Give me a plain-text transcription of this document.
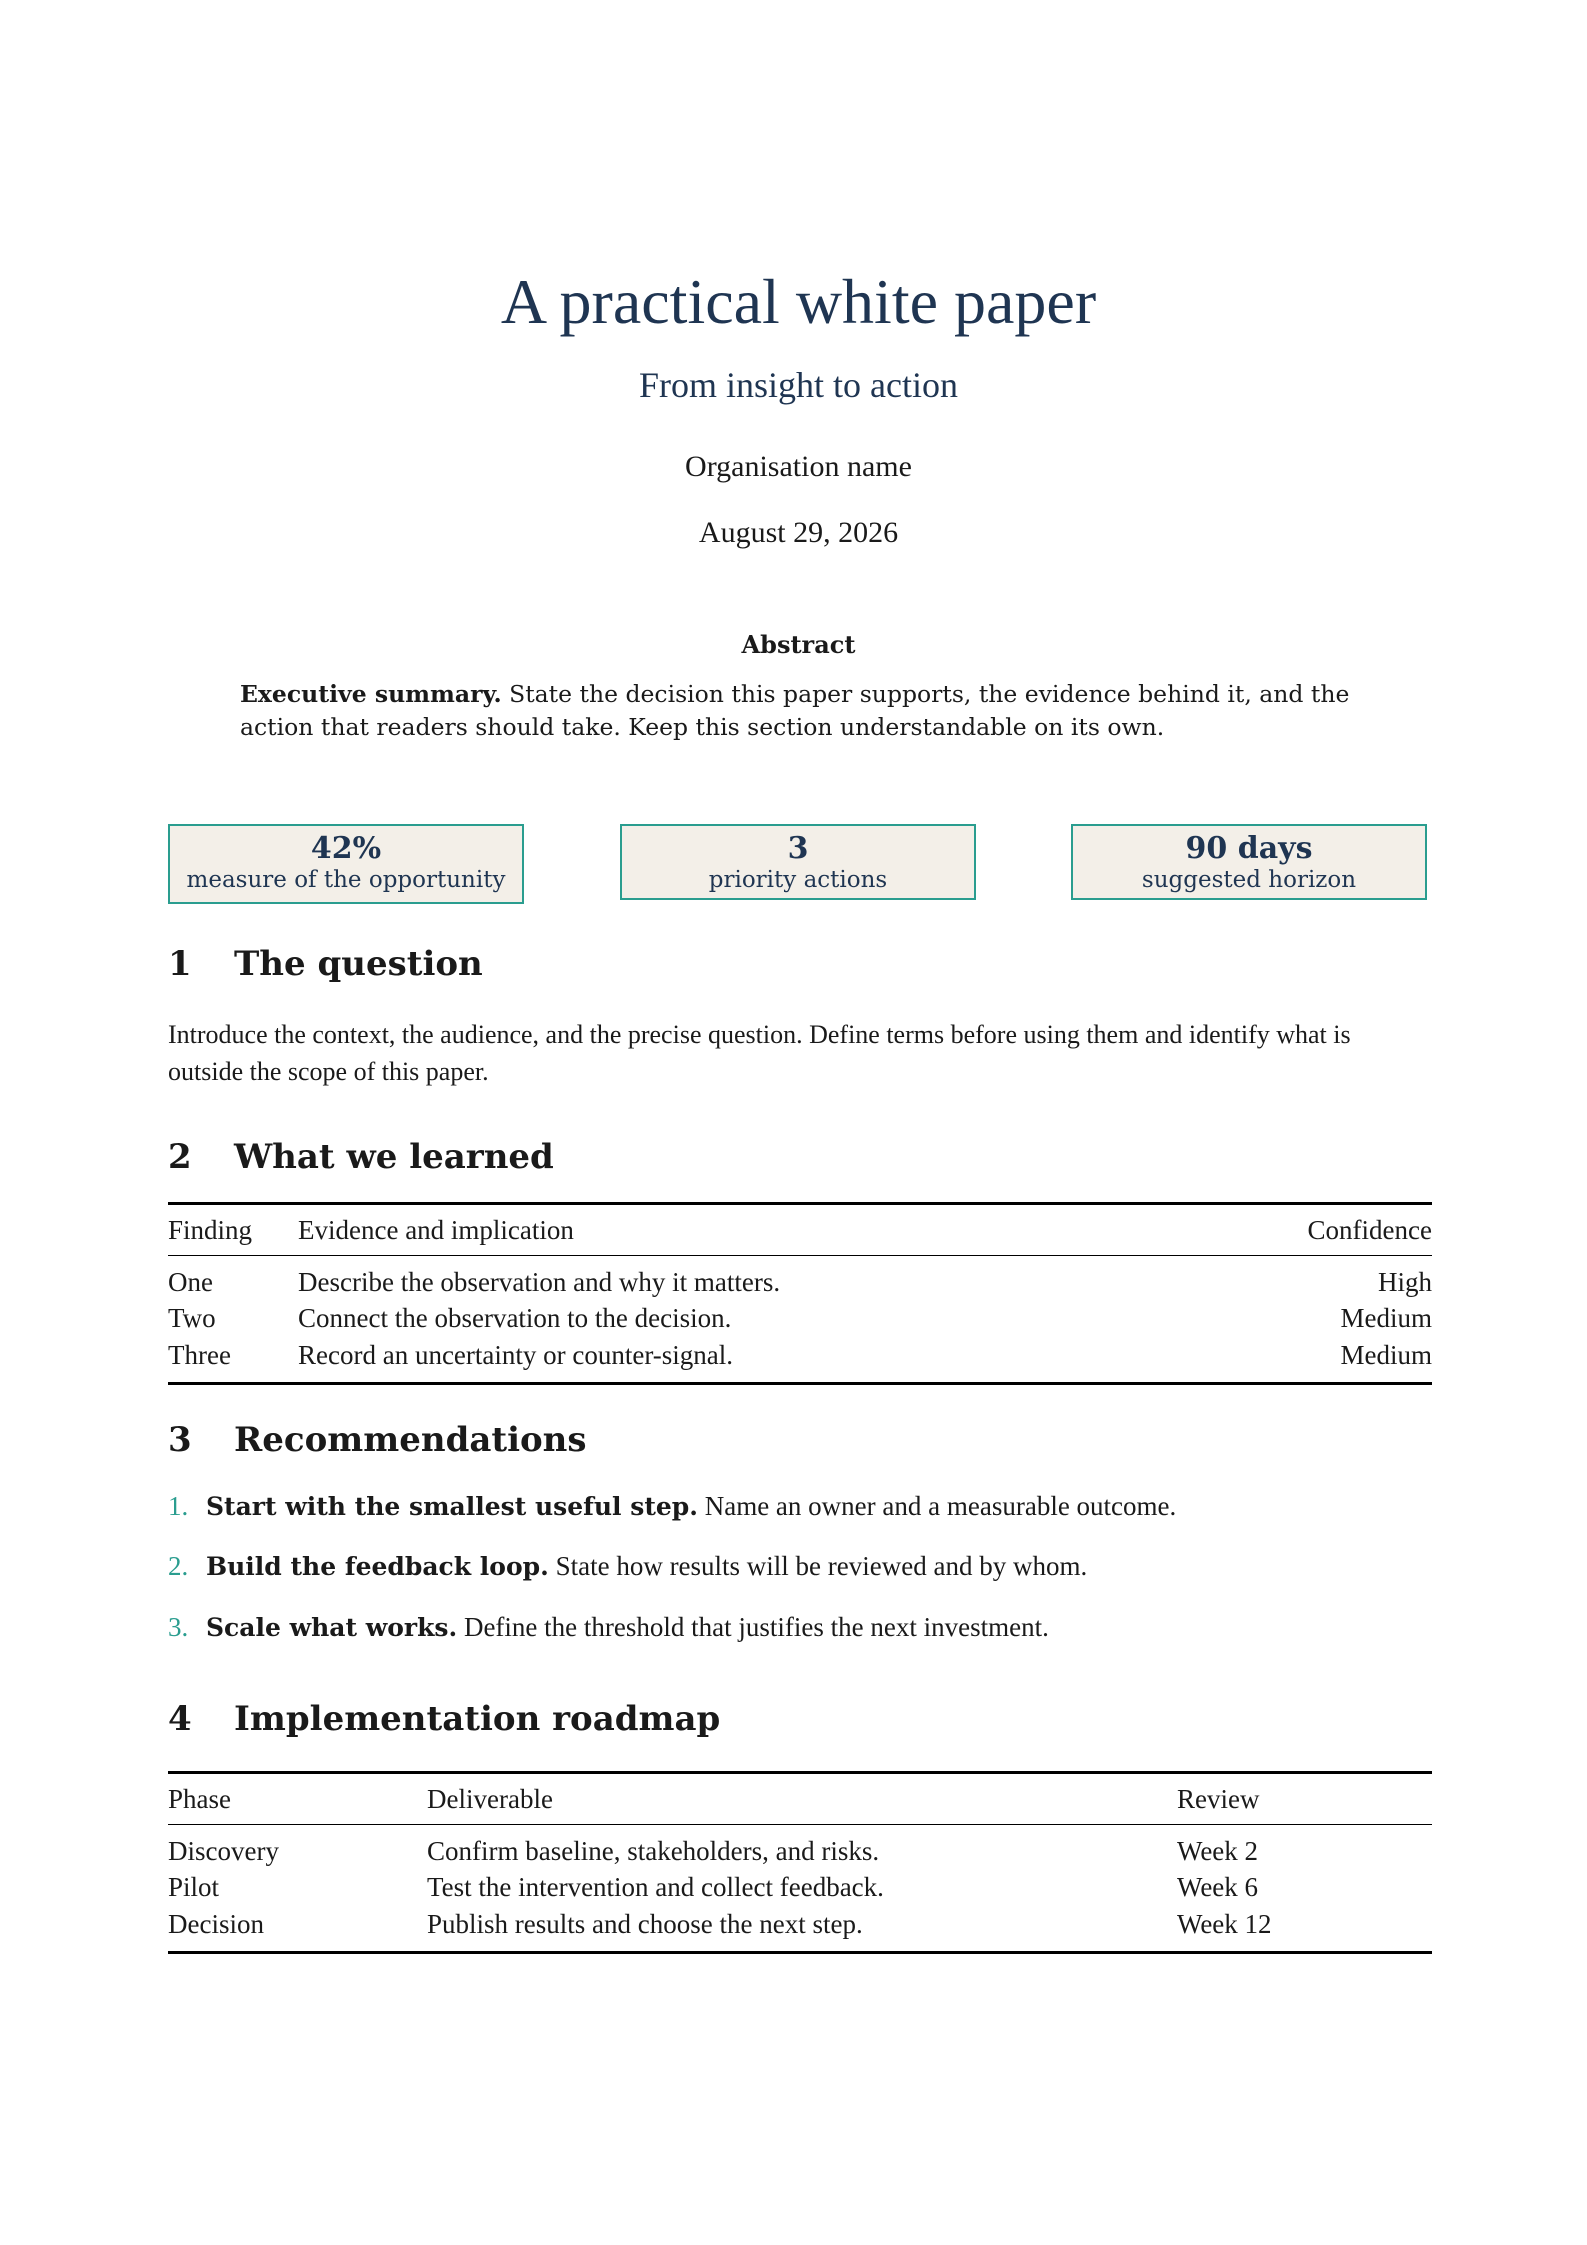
A practical white paper
From insight to action
Organisation name
August 29, 2026
Abstract
Executive summary. State the decision this paper supports, the evidence behind it, and the action that readers should take. Keep this section understandable on its own.
42%
measure of the opportunity
3
priority actions
90 days
suggested horizon
1 The question
Introduce the context, the audience, and the precise question. Define terms before using them and identify what is outside the scope of this paper.
2 What we learned
Finding	Evidence and implication	Confidence
One	Describe the observation and why it matters.	High
Two	Connect the observation to the decision.	Medium
Three	Record an uncertainty or counter-signal.	Medium
3 Recommendations
1. Start with the smallest useful step. Name an owner and a measurable outcome.
2. Build the feedback loop. State how results will be reviewed and by whom.
3. Scale what works. Define the threshold that justifies the next investment.
4 Implementation roadmap
Phase	Deliverable	Review
Discovery	Confirm baseline, stakeholders, and risks.	Week 2
Pilot	Test the intervention and collect feedback.	Week 6
Decision	Publish results and choose the next step.	Week 12
